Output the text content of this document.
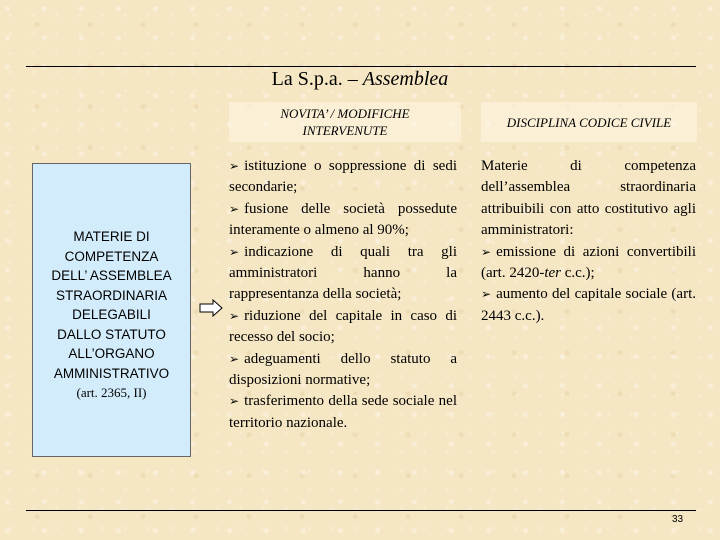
La S.p.a. – Assemblea
NOVITA’ / MODIFICHE INTERVENUTE
DISCIPLINA CODICE CIVILE
MATERIE DI
COMPETENZA
DELL’ ASSEMBLEA
STRAORDINARIA
DELEGABILI
DALLO STATUTO
ALL’ORGANO
AMMINISTRATIVO
(art. 2365, II)

➢ istituzione o soppressione di sedi secondarie;

➢ fusione delle società possedute interamente o almeno al 90%;

➢ indicazione di quali tra gli amministratori hanno la rappresentanza della società;

➢ riduzione del capitale in caso di recesso del socio;

➢ adeguamenti dello statuto a disposizioni normative;

➢ trasferimento della sede sociale nel territorio nazionale.

Materie di competenza dell’assemblea straordinaria attribuibili con atto costitutivo agli amministratori:

➢ emissione di azioni convertibili (art. 2420-ter c.c.);

➢ aumento del capitale sociale (art. 2443 c.c.).

33
